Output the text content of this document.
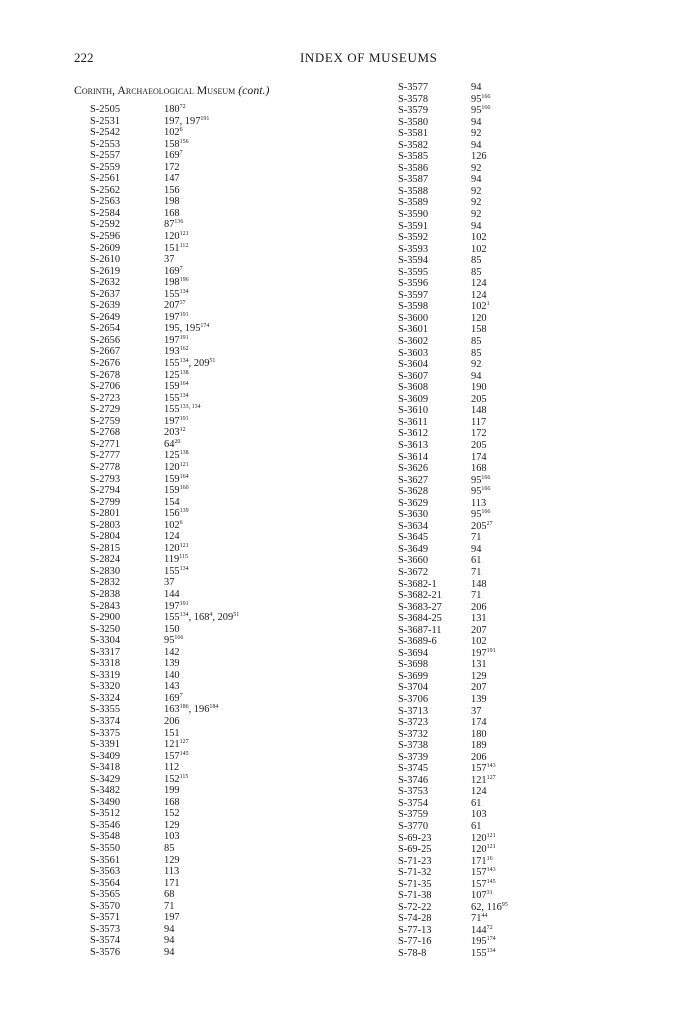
222	INDEX OF MUSEUMS
Corinth, Archaeological Museum (cont.)
S-2505	$180^{72}$
S-2531	197, $197^{191}$
S-2542	$102^6$
S-2553	$158^{156}$
S-2557	$169^7$
S-2559	172
S-2561	147
S-2562	156
S-2563	198
S-2584	168
S-2592	$87^{136}$
S-2596	$120^{121}$
S-2609	$151^{112}$
S-2610	37
S-2619	$169^7$
S-2632	$198^{196}$
S-2637	$155^{134}$
S-2639	$207^{37}$
S-2649	$197^{191}$
S-2654	195, $195^{174}$
S-2656	$197^{191}$
S-2667	$193^{162}$
S-2676	$155^{134}$, $209^{51}$
S-2678	$125^{138}$
S-2706	$159^{164}$
S-2723	$155^{134}$
S-2729	155$^{133, 134}$
S-2759	$197^{191}$
S-2768	$203^{12}$
S-2771	$64^{20}$
S-2777	$125^{138}$
S-2778	$120^{121}$
S-2793	$159^{164}$
S-2794	$159^{160}$
S-2799	154
S-2801	$156^{139}$
S-2803	$102^6$
S-2804	124
S-2815	$120^{121}$
S-2824	$119^{115}$
S-2830	$155^{134}$
S-2832	37
S-2838	144
S-2843	$197^{191}$
S-2900	$155^{134}$, $168^4$, $209^{51}$
S-3250	150
S-3304	$95^{166}$
S-3317	142
S-3318	139
S-3319	140
S-3320	143
S-3324	$169^7$
S-3355	$163^{186}$, $196^{184}$
S-3374	206
S-3375	151
S-3391	$121^{127}$
S-3409	$157^{145}$
S-3418	112
S-3429	$152^{115}$
S-3482	199
S-3490	168
S-3512	152
S-3546	129
S-3548	103
S-3550	85
S-3561	129
S-3563	113
S-3564	171
S-3565	68
S-3570	71
S-3571	197
S-3573	94
S-3574	94
S-3576	94
S-3577	94
S-3578	$95^{166}$
S-3579	$95^{166}$
S-3580	94
S-3581	92
S-3582	94
S-3585	126
S-3586	92
S-3587	94
S-3588	92
S-3589	92
S-3590	92
S-3591	94
S-3592	102
S-3593	102
S-3594	85
S-3595	85
S-3596	124
S-3597	124
S-3598	$102^1$
S-3600	120
S-3601	158
S-3602	85
S-3603	85
S-3604	92
S-3607	94
S-3608	190
S-3609	205
S-3610	148
S-3611	117
S-3612	172
S-3613	205
S-3614	174
S-3626	168
S-3627	$95^{166}$
S-3628	$95^{166}$
S-3629	113
S-3630	$95^{166}$
S-3634	$205^{27}$
S-3645	71
S-3649	94
S-3660	61
S-3672	71
S-3682-1	148
S-3682-21	71
S-3683-27	206
S-3684-25	131
S-3687-11	207
S-3689-6	102
S-3694	$197^{191}$
S-3698	131
S-3699	129
S-3704	207
S-3706	139
S-3713	37
S-3723	174
S-3732	180
S-3738	189
S-3739	206
S-3745	$157^{143}$
S-3746	$121^{127}$
S-3753	124
S-3754	61
S-3759	103
S-3770	61
S-69-23	$120^{121}$
S-69-25	$120^{121}$
S-71-23	$171^{16}$
S-71-32	$157^{143}$
S-71-35	$157^{145}$
S-71-38	$107^{31}$
S-72-22	62, $116^{95}$
S-74-28	$71^{44}$
S-77-13	$144^{72}$
S-77-16	$195^{174}$
S-78-8	$155^{134}$
